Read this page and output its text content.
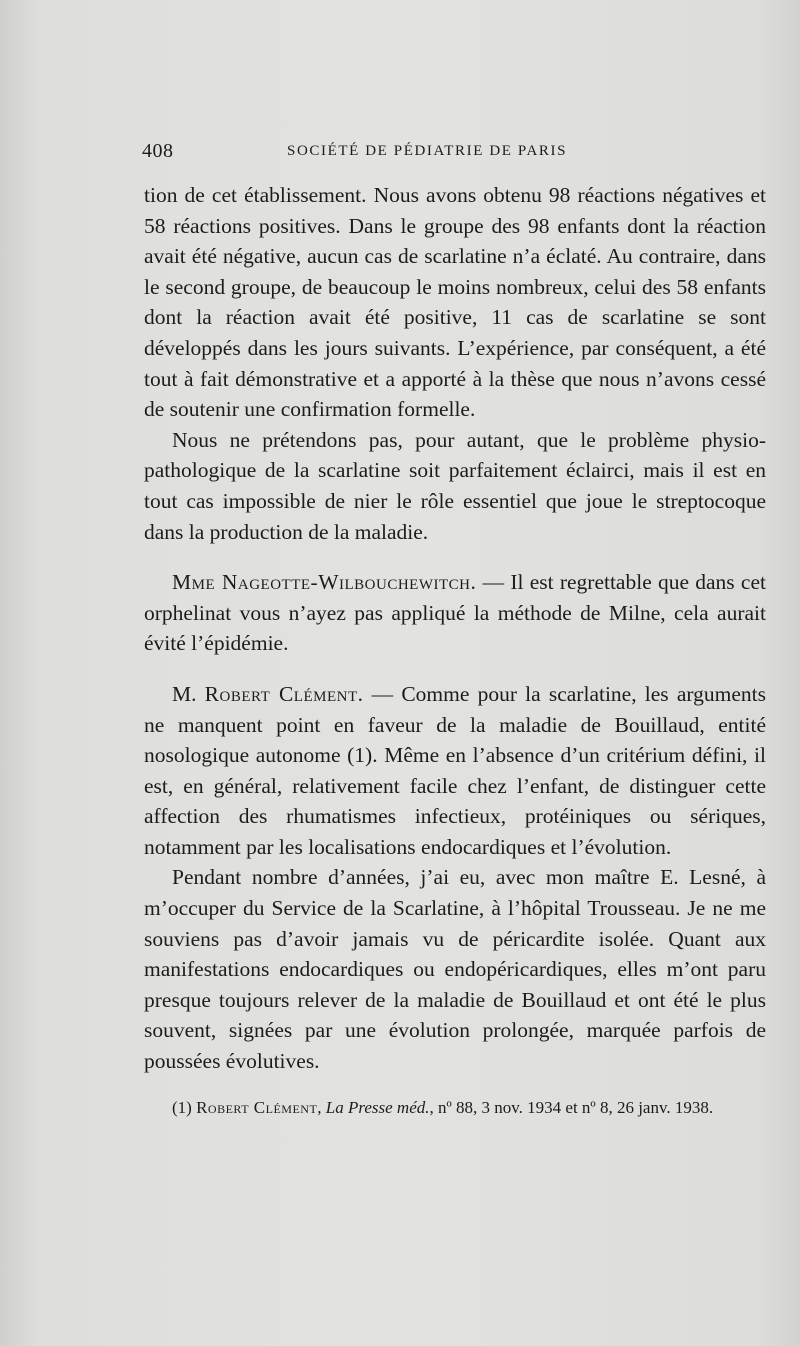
408	SOCIÉTÉ DE PÉDIATRIE DE PARIS

tion de cet établissement. Nous avons obtenu 98 réactions négatives et 58 réactions positives. Dans le groupe des 98 enfants dont la réaction avait été négative, aucun cas de scarlatine n’a éclaté. Au contraire, dans le second groupe, de beaucoup le moins nombreux, celui des 58 enfants dont la réaction avait été positive, 11 cas de scarlatine se sont développés dans les jours suivants. L’expérience, par conséquent, a été tout à fait démonstrative et a apporté à la thèse que nous n’avons cessé de soutenir une confirmation formelle.

Nous ne prétendons pas, pour autant, que le problème physiopathologique de la scarlatine soit parfaitement éclairci, mais il est en tout cas impossible de nier le rôle essentiel que joue le streptocoque dans la production de la maladie.

Mme Nageotte-Wilbouchewitch. — Il est regrettable que dans cet orphelinat vous n’ayez pas appliqué la méthode de Milne, cela aurait évité l’épidémie.

M. Robert Clément. — Comme pour la scarlatine, les arguments ne manquent point en faveur de la maladie de Bouillaud, entité nosologique autonome (1). Même en l’absence d’un critérium défini, il est, en général, relativement facile chez l’enfant, de distinguer cette affection des rhumatismes infectieux, protéiniques ou sériques, notamment par les localisations endocardiques et l’évolution.

Pendant nombre d’années, j’ai eu, avec mon maître E. Lesné, à m’occuper du Service de la Scarlatine, à l’hôpital Trousseau. Je ne me souviens pas d’avoir jamais vu de péricardite isolée. Quant aux manifestations endocardiques ou endopéricardiques, elles m’ont paru presque toujours relever de la maladie de Bouillaud et ont été le plus souvent, signées par une évolution prolongée, marquée parfois de poussées évolutives.

(1) Robert Clément, La Presse méd., nº 88, 3 nov. 1934 et nº 8, 26 janv. 1938.
